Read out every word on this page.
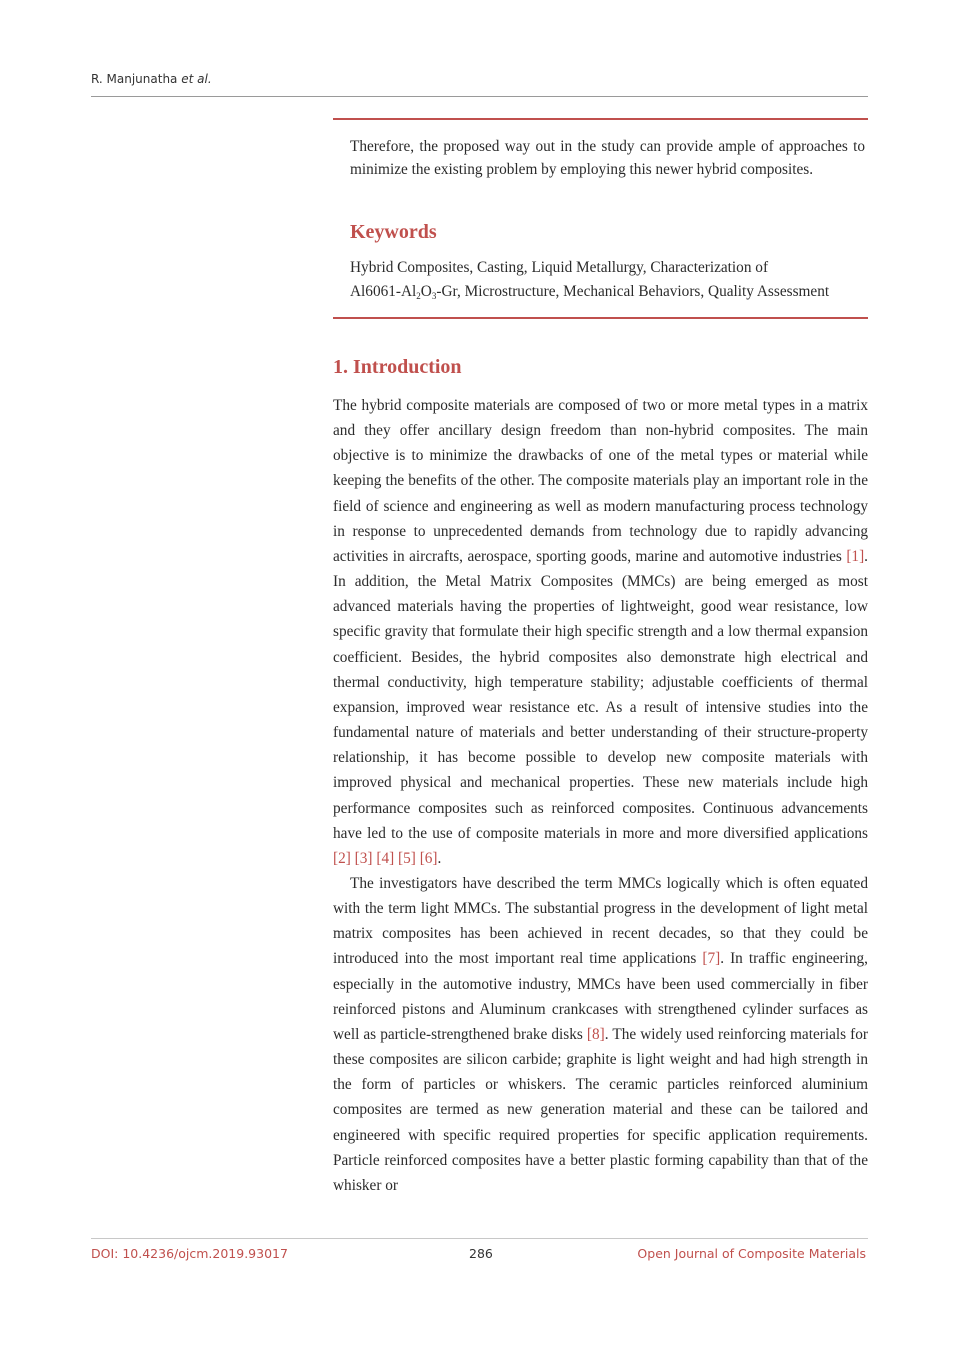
R. Manjunatha et al.
Therefore, the proposed way out in the study can provide ample of approaches to minimize the existing problem by employing this newer hybrid composites.
Keywords
Hybrid Composites, Casting, Liquid Metallurgy, Characterization of
$Al6061-Al_2O_3-Gr$, Microstructure, Mechanical Behaviors, Quality Assessment
1. Introduction

The hybrid composite materials are composed of two or more metal types in a matrix and they offer ancillary design freedom than non-hybrid composites. The main objective is to minimize the drawbacks of one of the metal types or material while keeping the benefits of the other. The composite materials play an important role in the field of science and engineering as well as modern manufacturing process technology in response to unprecedented demands from technology due to rapidly advancing activities in aircrafts, aerospace, sporting goods, marine and automotive industries [1]. In addition, the Metal Matrix Composites (MMCs) are being emerged as most advanced materials having the properties of lightweight, good wear resistance, low specific gravity that formulate their high specific strength and a low thermal expansion coefficient. Besides, the hybrid composites also demonstrate high electrical and thermal conductivity, high temperature stability; adjustable coefficients of thermal expansion, improved wear resistance etc. As a result of intensive studies into the fundamental nature of materials and better understanding of their structure-property relationship, it has become possible to develop new composite materials with improved physical and mechanical properties. These new materials include high performance composites such as reinforced composites. Continuous advancements have led to the use of composite materials in more and more diversified applications [2] [3] [4] [5] [6].

The investigators have described the term MMCs logically which is often equated with the term light MMCs. The substantial progress in the development of light metal matrix composites has been achieved in recent decades, so that they could be introduced into the most important real time applications [7]. In traffic engineering, especially in the automotive industry, MMCs have been used commercially in fiber reinforced pistons and Aluminum crankcases with strengthened cylinder surfaces as well as particle-strengthened brake disks [8]. The widely used reinforcing materials for these composites are silicon carbide; graphite is light weight and had high strength in the form of particles or whiskers. The ceramic particles reinforced aluminium composites are termed as new generation material and these can be tailored and engineered with specific required properties for specific application requirements. Particle reinforced composites have a better plastic forming capability than that of the whisker or

DOI: 10.4236/ojcm.2019.93017	286	Open Journal of Composite Materials
